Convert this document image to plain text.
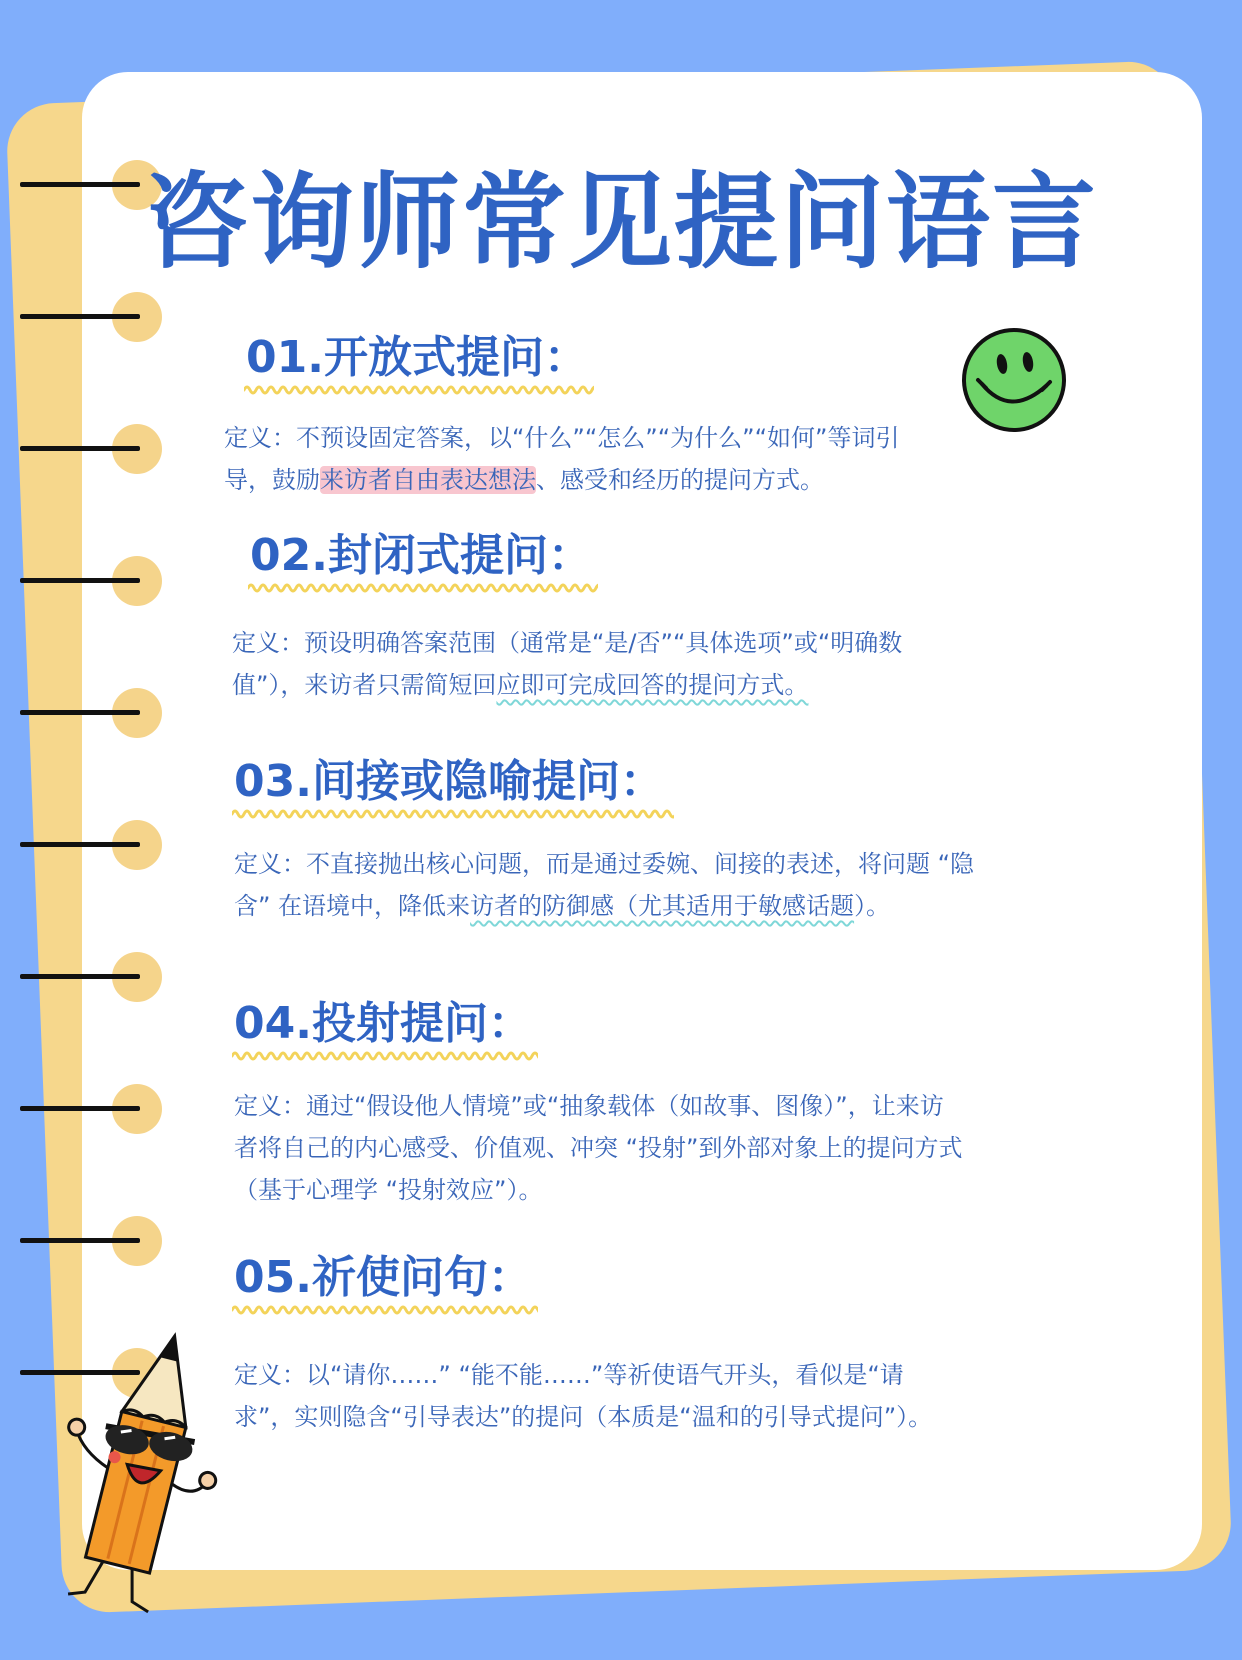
咨询师常见提问语言
01.开放式提问：

定义：不预设固定答案，以“什么”“怎么”“为什么”“如何”等词引

导，鼓励来访者自由表达想法、感受和经历的提问方式。

02.封闭式提问：

定义：预设明确答案范围（通常是“是/否”“具体选项”或“明确数

值”），来访者只需简短回应即可完成回答的提问方式。

03.间接或隐喻提问：

定义：不直接抛出核心问题，而是通过委婉、间接的表述，将问题 “隐

含” 在语境中，降低来访者的防御感（尤其适用于敏感话题）。

04.投射提问：

定义：通过“假设他人情境”或“抽象载体（如故事、图像）”，让来访

者将自己的内心感受、价值观、冲突 “投射”到外部对象上的提问方式

（基于心理学 “投射效应”）。

05.祈使问句：

定义：以“请你……” “能不能……”等祈使语气开头，看似是“请

求”，实则隐含“引导表达”的提问（本质是“温和的引导式提问”）。
